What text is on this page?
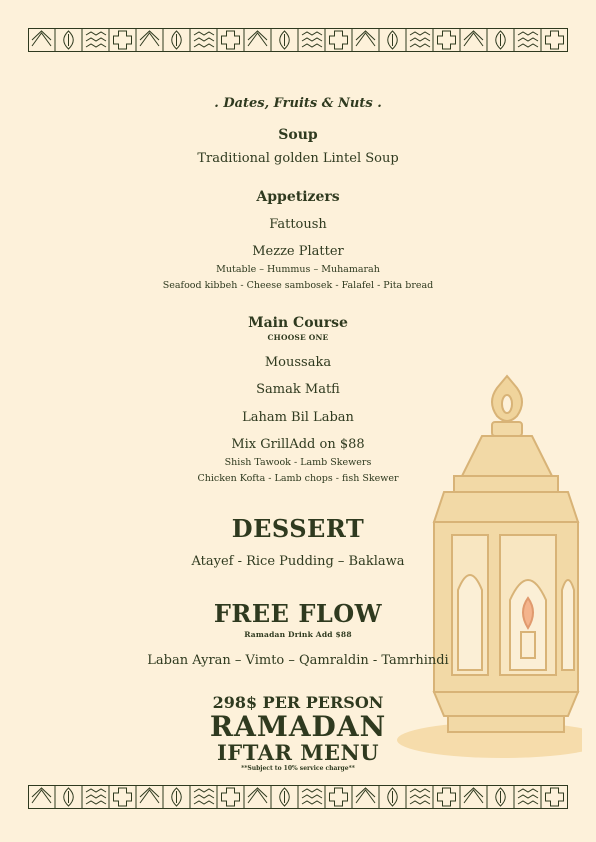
. Dates, Fruits & Nuts .
Soup
Traditional golden Lintel Soup
Appetizers
Fattoush
Mezze Platter
Mutable – Hummus – Muhamarah
Seafood kibbeh - Cheese sambosek - Falafel - Pita bread
Main Course
CHOOSE ONE
Moussaka
Samak Matfi
Laham Bil Laban
Mix GrillAdd on $88
Shish Tawook - Lamb Skewers
Chicken Kofta - Lamb chops - fish Skewer
DESSERT
Atayef - Rice Pudding – Baklawa
FREE FLOW
Ramadan Drink Add $88
Laban Ayran – Vimto – Qamraldin - Tamrhindi
298$ PER PERSON
RAMADAN
IFTAR MENU
**Subject to 10% service charge**
